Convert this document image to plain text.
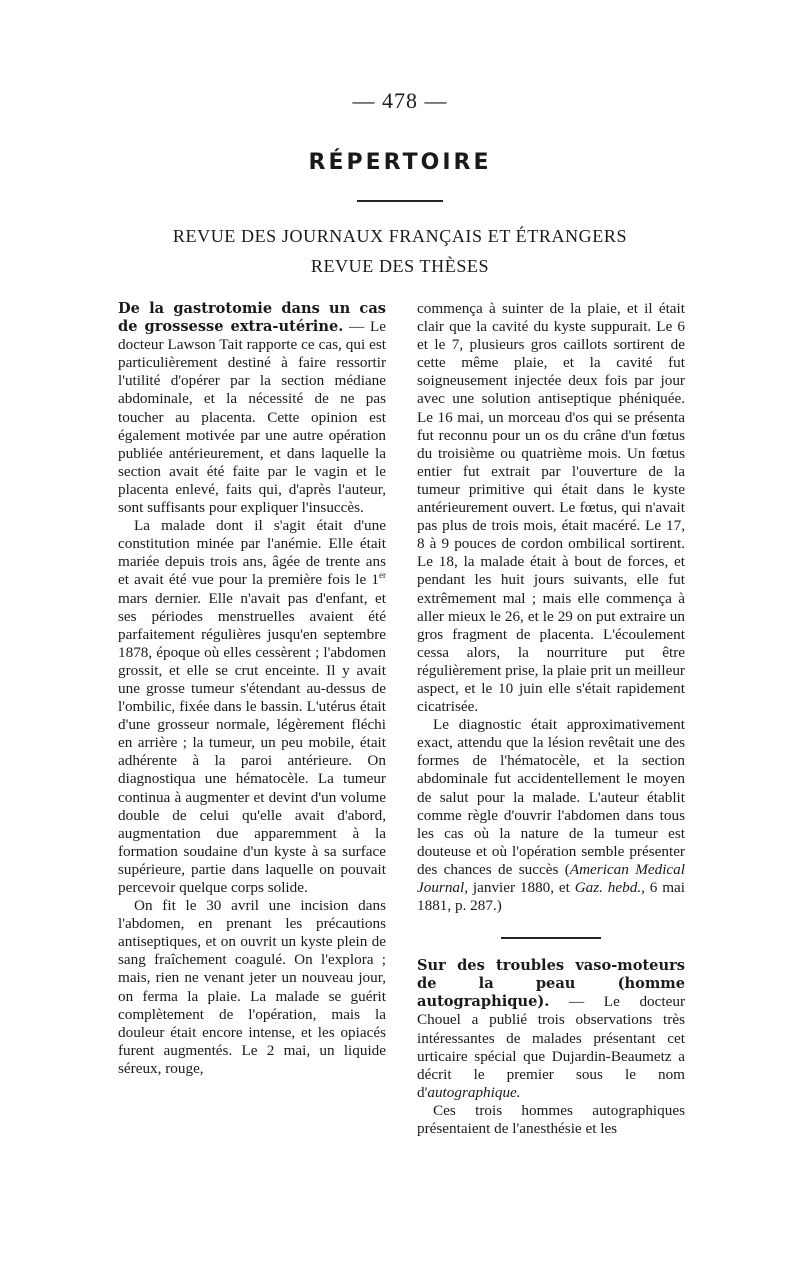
— 478 —
RÉPERTOIRE
REVUE DES JOURNAUX FRANÇAIS ET ÉTRANGERS
REVUE DES THÈSES

De la gastrotomie dans un cas de grossesse extra-utérine. — Le docteur Lawson Tait rapporte ce cas, qui est particulièrement destiné à faire ressortir l'utilité d'opérer par la section médiane abdominale, et la nécessité de ne pas toucher au placenta. Cette opinion est également motivée par une autre opération publiée antérieurement, et dans laquelle la section avait été faite par le vagin et le placenta enlevé, faits qui, d'après l'auteur, sont suffisants pour expliquer l'insuccès.

La malade dont il s'agit était d'une constitution minée par l'anémie. Elle était mariée depuis trois ans, âgée de trente ans et avait été vue pour la première fois le 1er mars dernier. Elle n'avait pas d'enfant, et ses périodes menstruelles avaient été parfaitement régulières jusqu'en septembre 1878, époque où elles cessèrent ; l'abdomen grossit, et elle se crut enceinte. Il y avait une grosse tumeur s'étendant au-dessus de l'ombilic, fixée dans le bassin. L'utérus était d'une grosseur normale, légèrement fléchi en arrière ; la tumeur, un peu mobile, était adhérente à la paroi antérieure. On diagnostiqua une hématocèle. La tumeur continua à augmenter et devint d'un volume double de celui qu'elle avait d'abord, augmentation due apparemment à la formation soudaine d'un kyste à sa surface supérieure, partie dans laquelle on pouvait percevoir quelque corps solide.

On fit le 30 avril une incision dans l'abdomen, en prenant les précautions antiseptiques, et on ouvrit un kyste plein de sang fraîchement coagulé. On l'explora ; mais, rien ne venant jeter un nouveau jour, on ferma la plaie. La malade se guérit complètement de l'opération, mais la douleur était encore intense, et les opiacés furent augmentés. Le 2 mai, un liquide séreux, rouge,

commença à suinter de la plaie, et il était clair que la cavité du kyste suppurait. Le 6 et le 7, plusieurs gros caillots sortirent de cette même plaie, et la cavité fut soigneusement injectée deux fois par jour avec une solution antiseptique phéniquée. Le 16 mai, un morceau d'os qui se présenta fut reconnu pour un os du crâne d'un fœtus du troisième ou quatrième mois. Un fœtus entier fut extrait par l'ouverture de la tumeur primitive qui était dans le kyste antérieurement ouvert. Le fœtus, qui n'avait pas plus de trois mois, était macéré. Le 17, 8 à 9 pouces de cordon ombilical sortirent. Le 18, la malade était à bout de forces, et pendant les huit jours suivants, elle fut extrêmement mal ; mais elle commença à aller mieux le 26, et le 29 on put extraire un gros fragment de placenta. L'écoulement cessa alors, la nourriture put être régulièrement prise, la plaie prit un meilleur aspect, et le 10 juin elle s'était rapidement cicatrisée.

Le diagnostic était approximativement exact, attendu que la lésion revêtait une des formes de l'hématocèle, et la section abdominale fut accidentellement le moyen de salut pour la malade. L'auteur établit comme règle d'ouvrir l'abdomen dans tous les cas où la nature de la tumeur est douteuse et où l'opération semble présenter des chances de succès (American Medical Journal, janvier 1880, et Gaz. hebd., 6 mai 1881, p. 287.)

Sur des troubles vaso-moteurs de la peau (homme autographique). — Le docteur Chouel a publié trois observations très intéressantes de malades présentant cet urticaire spécial que Dujardin-Beaumetz a décrit le premier sous le nom d'autographique.

Ces trois hommes autographiques présentaient de l'anesthésie et les
